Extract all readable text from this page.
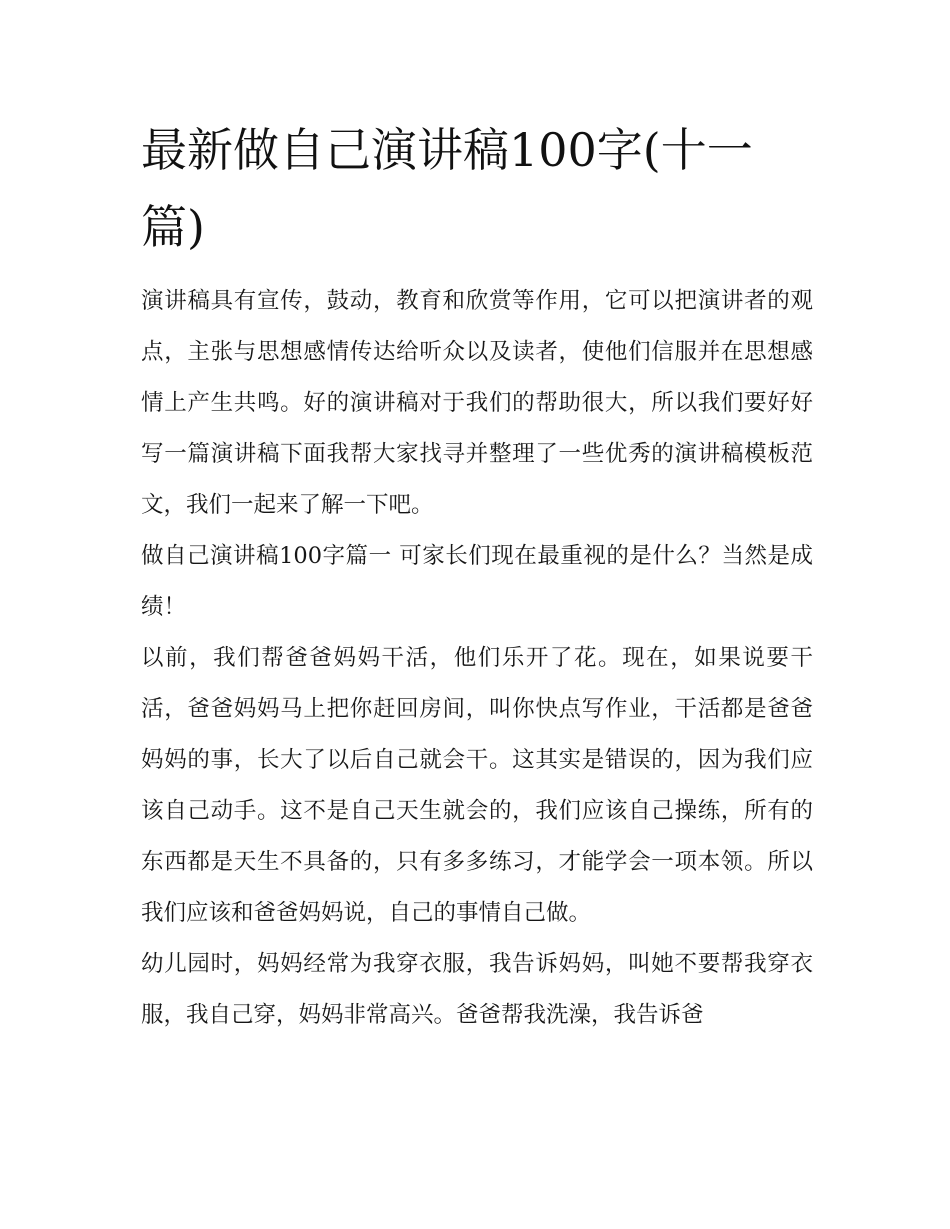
最新做自己演讲稿100字(十一篇)

演讲稿具有宣传，鼓动，教育和欣赏等作用，它可以把演讲者的观点，主张与思想感情传达给听众以及读者，使他们信服并在思想感情上产生共鸣。好的演讲稿对于我们的帮助很大，所以我们要好好写一篇演讲稿下面我帮大家找寻并整理了一些优秀的演讲稿模板范文，我们一起来了解一下吧。

做自己演讲稿100字篇一 可家长们现在最重视的是什么？当然是成绩！

以前，我们帮爸爸妈妈干活，他们乐开了花。现在，如果说要干活，爸爸妈妈马上把你赶回房间，叫你快点写作业，干活都是爸爸妈妈的事，长大了以后自己就会干。这其实是错误的，因为我们应该自己动手。这不是自己天生就会的，我们应该自己操练，所有的东西都是天生不具备的，只有多多练习，才能学会一项本领。所以我们应该和爸爸妈妈说，自己的事情自己做。

幼儿园时，妈妈经常为我穿衣服，我告诉妈妈，叫她不要帮我穿衣服，我自己穿，妈妈非常高兴。爸爸帮我洗澡，我告诉爸
